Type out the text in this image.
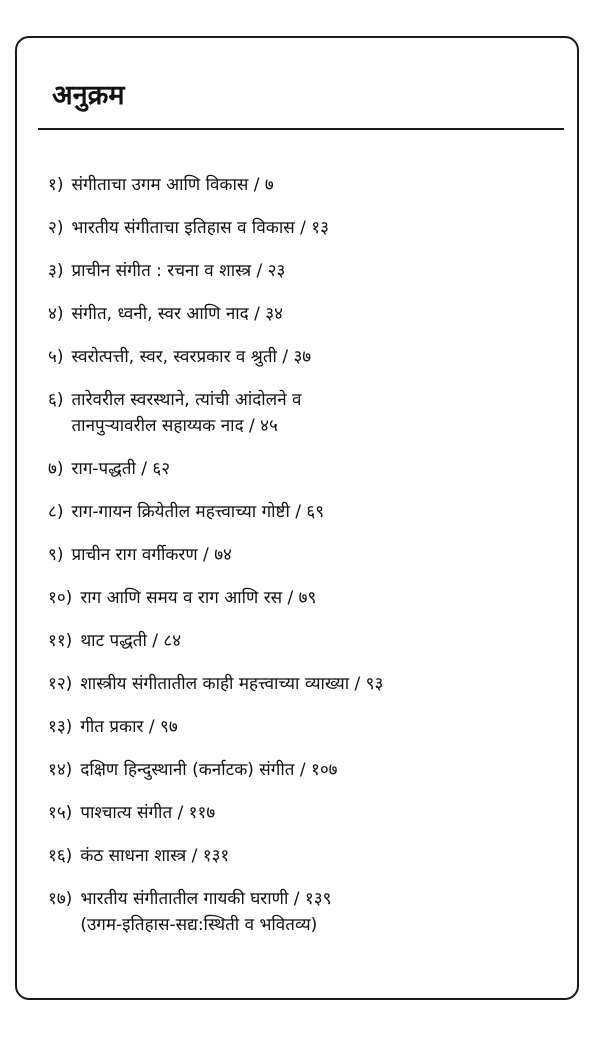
अनुक्रम
१) संगीताचा उगम आणि विकास / ७
२) भारतीय संगीताचा इतिहास व विकास / १३
३) प्राचीन संगीत : रचना व शास्त्र / २३
४) संगीत, ध्वनी, स्वर आणि नाद / ३४
५) स्वरोत्पत्ती, स्वर, स्वरप्रकार व श्रुती / ३७
६) तारेवरील स्वरस्थाने, त्यांची आंदोलने व
तानपुऱ्यावरील सहाय्यक नाद / ४५
७) राग-पद्धती / ६२
८) राग-गायन क्रियेतील महत्त्वाच्या गोष्टी / ६९
९) प्राचीन राग वर्गीकरण / ७४
१०) राग आणि समय व राग आणि रस / ७९
११) थाट पद्धती / ८४
१२) शास्त्रीय संगीतातील काही महत्त्वाच्या व्याख्या / ९३
१३) गीत प्रकार / ९७
१४) दक्षिण हिन्दुस्थानी (कर्नाटक) संगीत / १०७
१५) पाश्चात्य संगीत / ११७
१६) कंठ साधना शास्त्र / १३१
१७) भारतीय संगीतातील गायकी घराणी / १३९
(उगम-इतिहास-सद्य:स्थिती व भवितव्य)
